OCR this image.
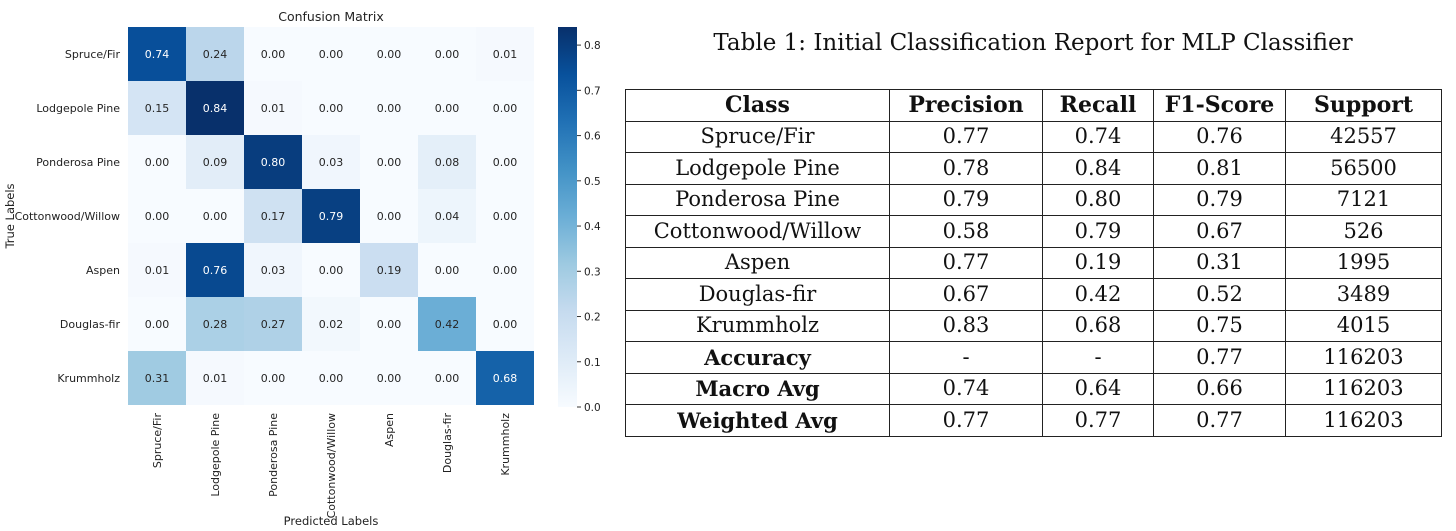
Confusion Matrix
0.74	0.24	0.00	0.00	0.00	0.00	0.01
0.15	0.84	0.01	0.00	0.00	0.00	0.00
0.00	0.09	0.80	0.03	0.00	0.08	0.00
0.00	0.00	0.17	0.79	0.00	0.04	0.00
0.01	0.76	0.03	0.00	0.19	0.00	0.00
0.00	0.28	0.27	0.02	0.00	0.42	0.00
0.31	0.01	0.00	0.00	0.00	0.00	0.68
Spruce/Fir
Lodgepole Pine
Ponderosa Pine
Cottonwood/Willow
Aspen
Douglas-fir
Krummholz
Spruce/Fir	Lodgepole Pine	Ponderosa Pine	Cottonwood/Willow	Aspen	Douglas-fir	Krummholz
Predicted Labels
True Labels
0.0
0.1
0.2
0.3
0.4
0.5
0.6
0.7
0.8	Table 1: Initial Classification Report for MLP Classifier
Class	Precision	Recall	F1-Score	Support
Spruce/Fir	0.77	0.74	0.76	42557
Lodgepole Pine	0.78	0.84	0.81	56500
Ponderosa Pine	0.79	0.80	0.79	7121
Cottonwood/Willow	0.58	0.79	0.67	526
Aspen	0.77	0.19	0.31	1995
Douglas-fir	0.67	0.42	0.52	3489
Krummholz	0.83	0.68	0.75	4015
Accuracy	-	-	0.77	116203
Macro Avg	0.74	0.64	0.66	116203
Weighted Avg	0.77	0.77	0.77	116203
